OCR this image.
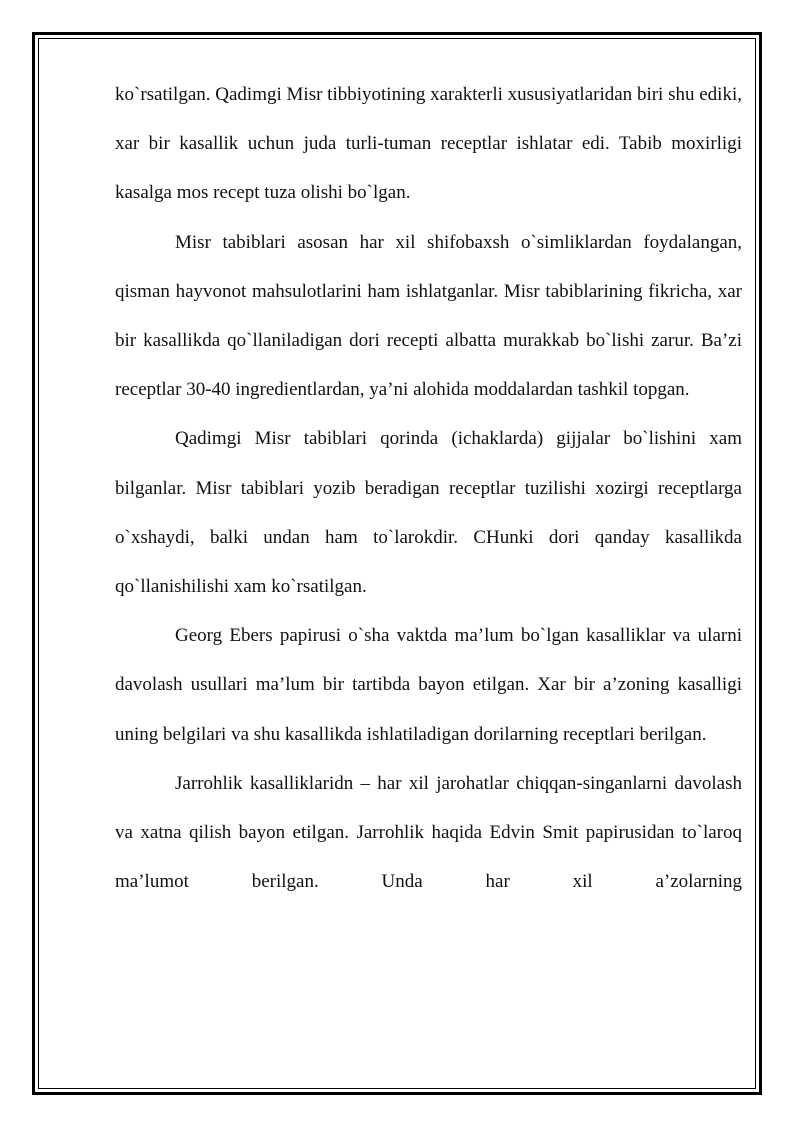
ko`rsatilgan. Qadimgi Misr tibbiyotining xarakterli xususiyatlaridan biri shu ediki, xar bir kasallik uchun juda turli-tuman receptlar ishlatar edi. Tabib moxirligi kasalga mos recept tuza olishi bo`lgan.

Misr tabiblari asosan har xil shifobaxsh o`simliklardan foydalangan, qisman hayvonot mahsulotlarini ham ishlatganlar. Misr tabiblarining fikricha, xar bir kasallikda qo`llaniladigan dori recepti albatta murakkab bo`lishi zarur. Ba’zi receptlar 30-40 ingredientlardan, ya’ni alohida moddalardan tashkil topgan.

Qadimgi Misr tabiblari qorinda (ichaklarda) gijjalar bo`lishini xam bilganlar. Misr tabiblari yozib beradigan receptlar tuzilishi xozirgi receptlarga o`xshaydi, balki undan ham to`larokdir. CHunki dori qanday kasallikda qo`llanishilishi xam ko`rsatilgan.

Georg Ebers papirusi o`sha vaktda ma’lum bo`lgan kasalliklar va ularni davolash usullari ma’lum bir tartibda bayon etilgan. Xar bir a’zoning kasalligi uning belgilari va shu kasallikda ishlatiladigan dorilarning receptlari berilgan.

Jarrohlik kasalliklaridn – har xil jarohatlar chiqqan-singanlarni davolash va xatna qilish bayon etilgan. Jarrohlik haqida Edvin Smit papirusidan to`laroq ma’lumot berilgan. Unda har xil a’zolarning
